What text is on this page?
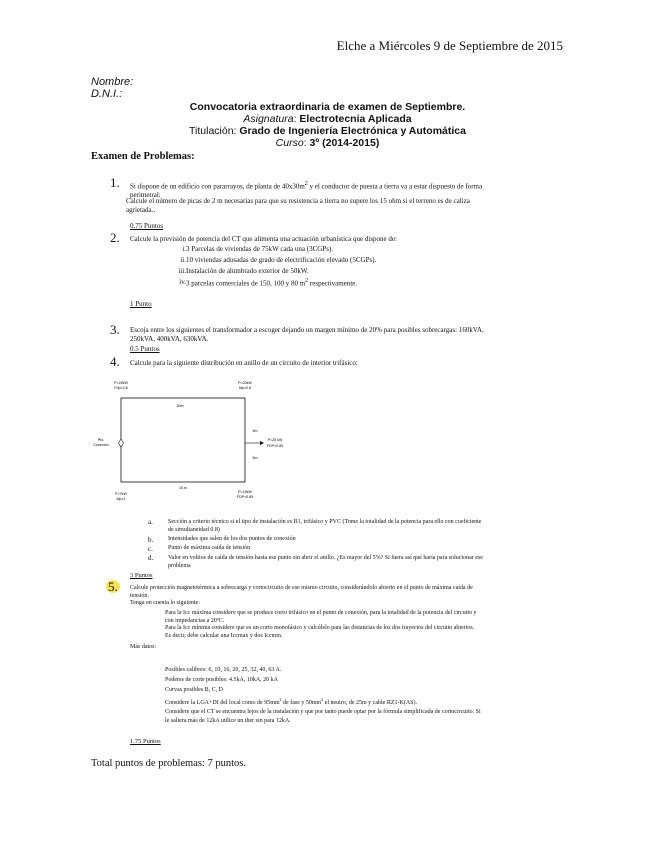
Elche a Miércoles 9 de Septiembre de 2015
Nombre:
D.N.I.:
Convocatoria extraordinaria de examen de Septiembre.
Asignatura: Electrotecnia Aplicada
Titulación: Grado de Ingeniería Electrónica y Automática
Curso: 3º (2014-2015)
Examen de Problemas:
1. Si dispone de un edificio con pararrayos, de planta de $40x30m^2$ y el conductor de puesta a tierra va a estar dispuesto de forma
perimetral:
Calcule el número de picas de 2 m necesarias para que su resistencia a tierra no supere los 15 ohm si el terreno es de caliza
agrietada..
0.75 Puntos
2. Calcule la previsión de potencia del CT que alimenta una actuación urbanística que dispone de:
i. 3 Parcelas de viviendas de 75kW cada una (3CGPs).
ii. 10 viviendas adosadas de grado de electrificación elevado (5CGPs).
iii. Instalación de alumbrado exterior de 50kW.
iv. 3 parcelas comerciales de 150, 100 y 80 $m^2$ respectivamente.
1 Punto
3. Escoja entre los siguientes el transformador a escoger dejando un margen mínimo de 20% para posibles sobrecargas: 160kVA,
250kVA, 400kVA, 630kVA.
0.5 Puntos
4. Calcule para la siguiente distribución en anillo de un circuito de interior trifásico:
P=20kW
Fdp=0.8
P=20kW
fdp=0.8
30m
Pto.
Conexión
5m
5m
P=25 kW
FDP=0,85
15 m
P=7kW
fdp=1
P=15kW
FDP=0.85
a.	Sección a criterio técnico si el tipo de instalación es B1, trifásico y PVC (Tome la totalidad de la potencia para ello con coeficiente
de simultaneidad 0.8)
b. Intensidades que salen de los dos puntos de conexión
c.	Punto de máxima caída de tensión
d. Valor en voltios de caída de tensión hasta ese punto sin abrir el anillo. ¿Es mayor del 5%? Si fuera así qué haría para solucionar ese
problema
3 Puntos
5.	Calcule protección magnetotérmica a sobrecarga y cortocircuito de ese mismo circuito, considerándolo abierto en el punto de máxima caída de
tensión.
Tenga en cuenta lo siguiente:
Para la Icc máxima considere que se produce corto trifásico en el punto de conexión, para la totalidad de la potencia del circuito y
con impedancias a 20ºC.
Para la Icc mínima considere que es un corto monofásico y calcúlelo para las distancias de los dos trayectos del circuito abiertos.
Es decir, debe calcular una Iccmax y dos Iccmin.
Más datos:
Posibles calibres: 6, 10, 16, 20, 25, 32, 40, 63 A.
Poderes de corte posibles: 4.5kA, 10kA, 20 kA
Curvas posibles B, C, D
Considere la LGA+DI del local como de $95mm^2$ de fase y $50mm^2$ el neutro, de 25m y cable RZ1-K(AS).
Considere que el CT se encuentra lejos de la instalación y que por tanto puede optar por la fórmula simplificada de cortocircuito. Si
le saliera más de 12kA utilice un ther sin para 12kA.
1.75 Puntos
Total puntos de problemas: 7 puntos.
